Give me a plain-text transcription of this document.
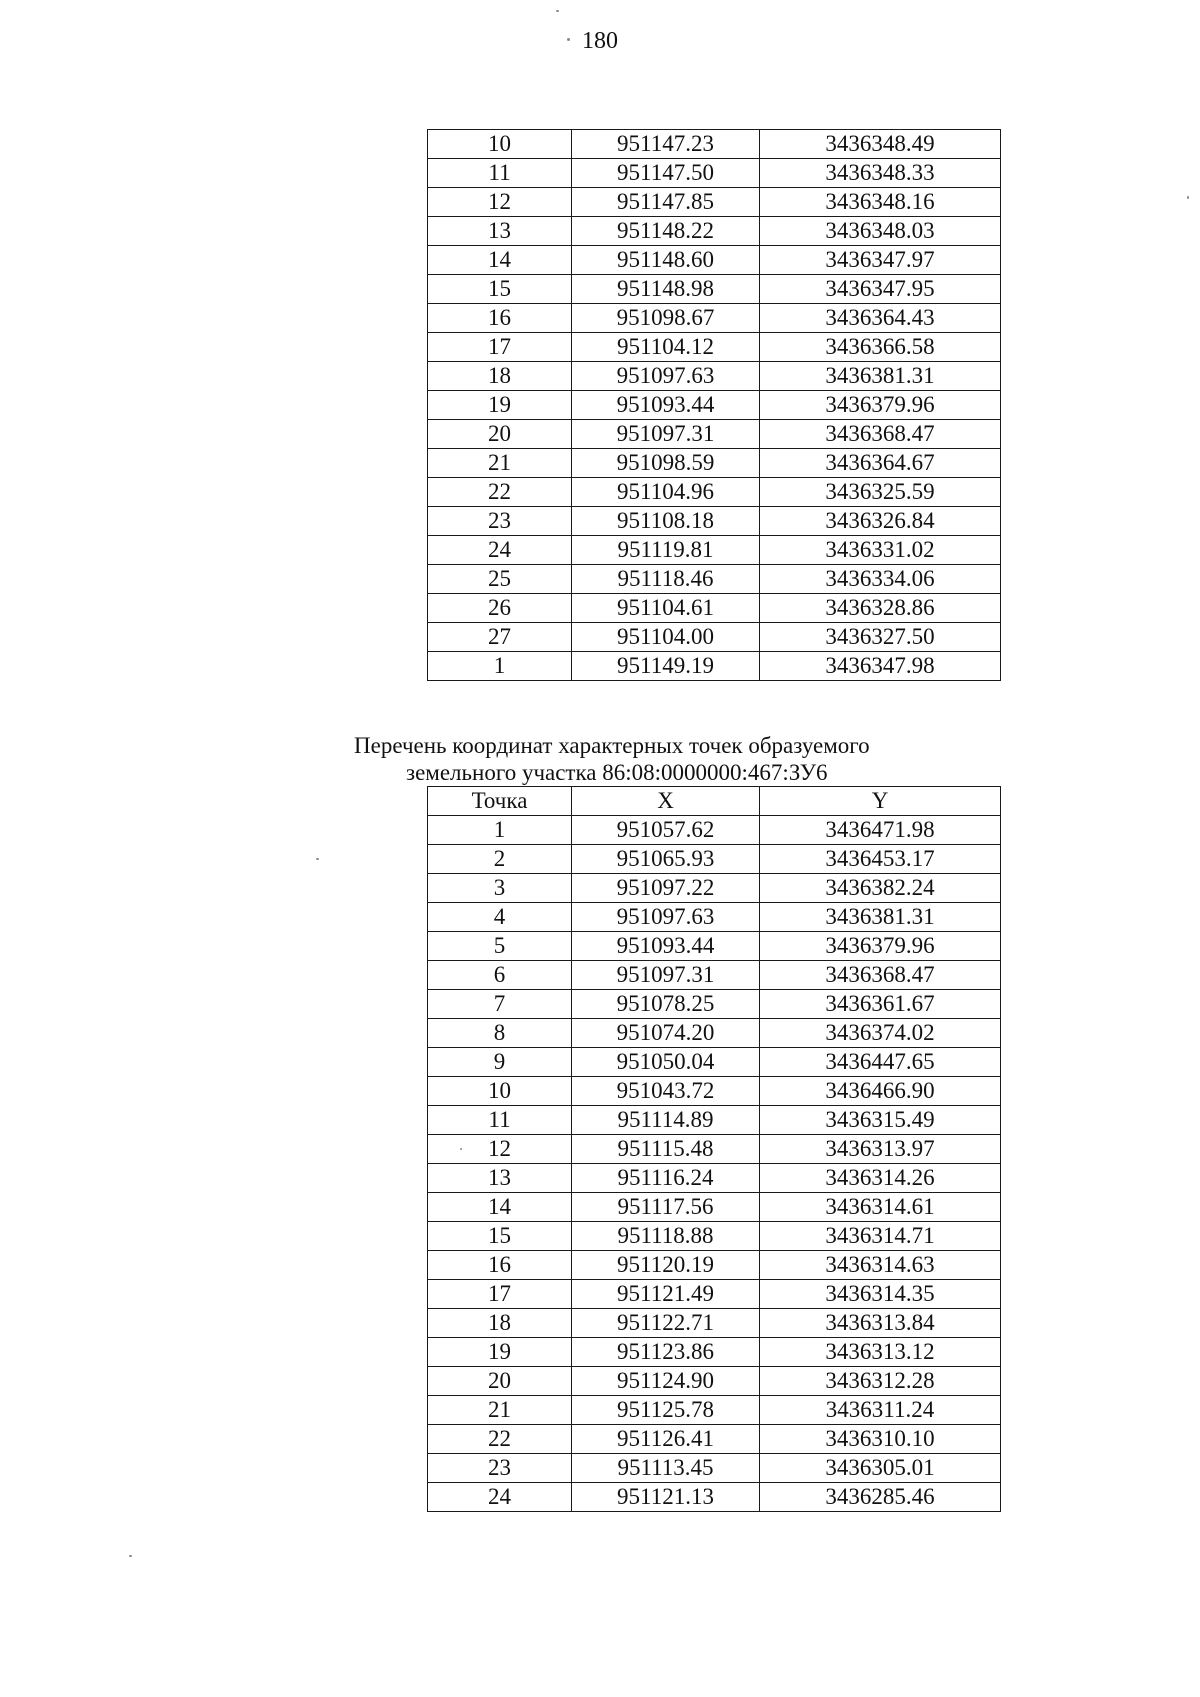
180
10	951147.23	3436348.49
11	951147.50	3436348.33
12	951147.85	3436348.16
13	951148.22	3436348.03
14	951148.60	3436347.97
15	951148.98	3436347.95
16	951098.67	3436364.43
17	951104.12	3436366.58
18	951097.63	3436381.31
19	951093.44	3436379.96
20	951097.31	3436368.47
21	951098.59	3436364.67
22	951104.96	3436325.59
23	951108.18	3436326.84
24	951119.81	3436331.02
25	951118.46	3436334.06
26	951104.61	3436328.86
27	951104.00	3436327.50
1	951149.19	3436347.98
Перечень координат характерных точек образуемого
земельного участка 86:08:0000000:467:ЗУ6
Точка	X	Y
1	951057.62	3436471.98
2	951065.93	3436453.17
3	951097.22	3436382.24
4	951097.63	3436381.31
5	951093.44	3436379.96
6	951097.31	3436368.47
7	951078.25	3436361.67
8	951074.20	3436374.02
9	951050.04	3436447.65
10	951043.72	3436466.90
11	951114.89	3436315.49
12	951115.48	3436313.97
13	951116.24	3436314.26
14	951117.56	3436314.61
15	951118.88	3436314.71
16	951120.19	3436314.63
17	951121.49	3436314.35
18	951122.71	3436313.84
19	951123.86	3436313.12
20	951124.90	3436312.28
21	951125.78	3436311.24
22	951126.41	3436310.10
23	951113.45	3436305.01
24	951121.13	3436285.46
